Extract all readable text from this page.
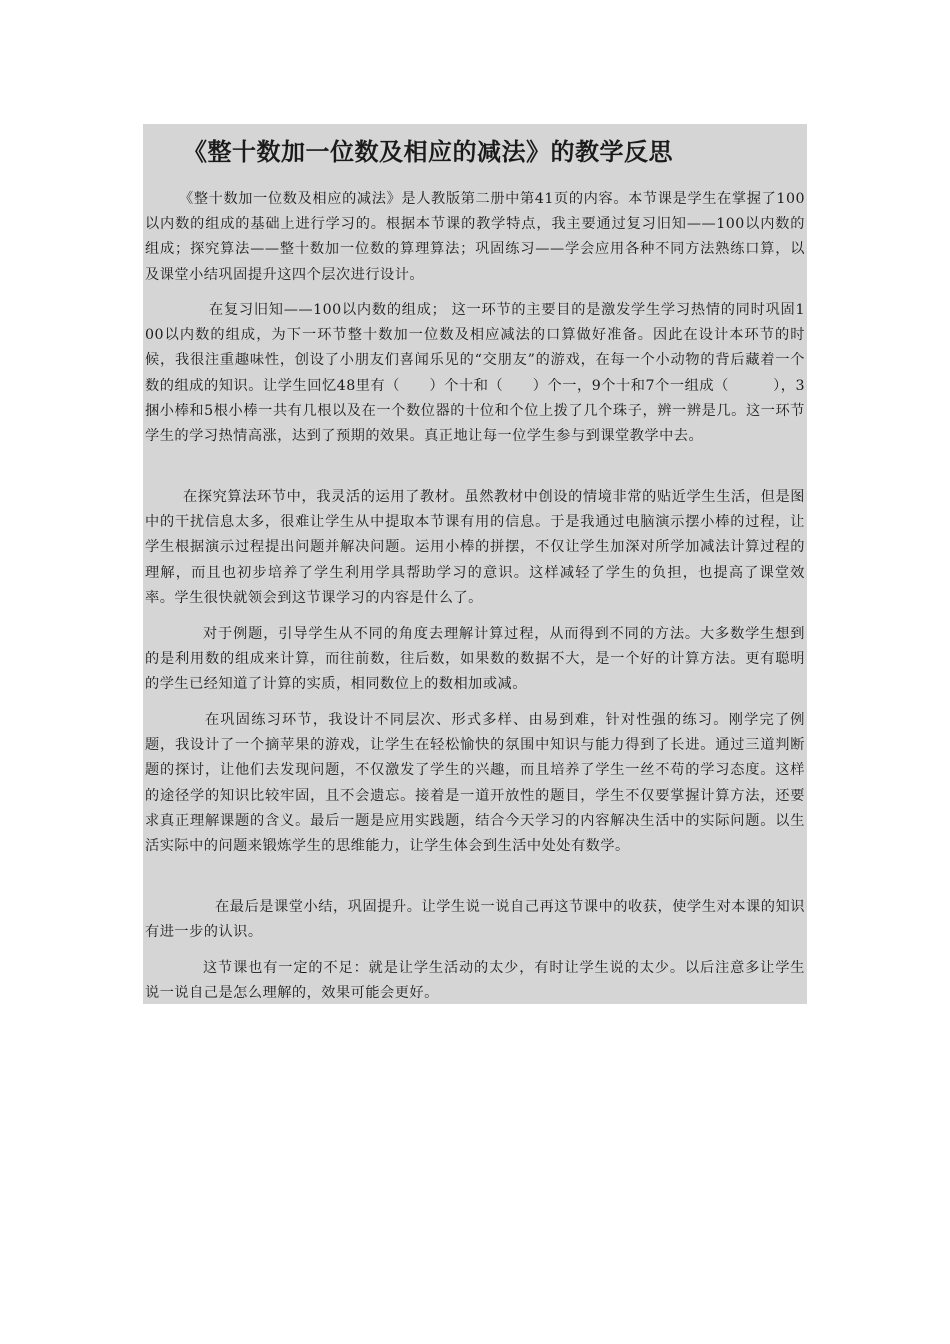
《整十数加一位数及相应的减法》的教学反思

《整十数加一位数及相应的减法》是人教版第二册中第41页的内容。本节课是学生在掌握了100以内数的组成的基础上进行学习的。根据本节课的教学特点，我主要通过复习旧知——100以内数的组成；探究算法——整十数加一位数的算理算法；巩固练习——学会应用各种不同方法熟练口算，以及课堂小结巩固提升这四个层次进行设计。

在复习旧知——100以内数的组成； 这一环节的主要目的是激发学生学习热情的同时巩固100以内数的组成，为下一环节整十数加一位数及相应减法的口算做好准备。因此在设计本环节的时候，我很注重趣味性，创设了小朋友们喜闻乐见的“交朋友”的游戏，在每一个小动物的背后藏着一个数的组成的知识。让学生回忆48里有（　　）个十和（　　）个一，9个十和7个一组成（　　　），3捆小棒和5根小棒一共有几根以及在一个数位器的十位和个位上拨了几个珠子，辨一辨是几。这一环节学生的学习热情高涨，达到了预期的效果。真正地让每一位学生参与到课堂教学中去。

在探究算法环节中，我灵活的运用了教材。虽然教材中创设的情境非常的贴近学生生活，但是图中的干扰信息太多，很难让学生从中提取本节课有用的信息。于是我通过电脑演示摆小棒的过程，让学生根据演示过程提出问题并解决问题。运用小棒的拼摆，不仅让学生加深对所学加减法计算过程的理解，而且也初步培养了学生利用学具帮助学习的意识。这样减轻了学生的负担，也提高了课堂效率。学生很快就领会到这节课学习的内容是什么了。

对于例题，引导学生从不同的角度去理解计算过程，从而得到不同的方法。大多数学生想到的是利用数的组成来计算，而往前数，往后数，如果数的数据不大，是一个好的计算方法。更有聪明的学生已经知道了计算的实质，相同数位上的数相加或减。

在巩固练习环节，我设计不同层次、形式多样、由易到难，针对性强的练习。刚学完了例题，我设计了一个摘苹果的游戏，让学生在轻松愉快的氛围中知识与能力得到了长进。通过三道判断题的探讨，让他们去发现问题，不仅激发了学生的兴趣，而且培养了学生一丝不苟的学习态度。这样的途径学的知识比较牢固，且不会遗忘。接着是一道开放性的题目，学生不仅要掌握计算方法，还要求真正理解课题的含义。最后一题是应用实践题，结合今天学习的内容解决生活中的实际问题。以生活实际中的问题来锻炼学生的思维能力，让学生体会到生活中处处有数学。

在最后是课堂小结，巩固提升。让学生说一说自己再这节课中的收获，使学生对本课的知识有进一步的认识。

这节课也有一定的不足：就是让学生活动的太少，有时让学生说的太少。以后注意多让学生说一说自己是怎么理解的，效果可能会更好。
